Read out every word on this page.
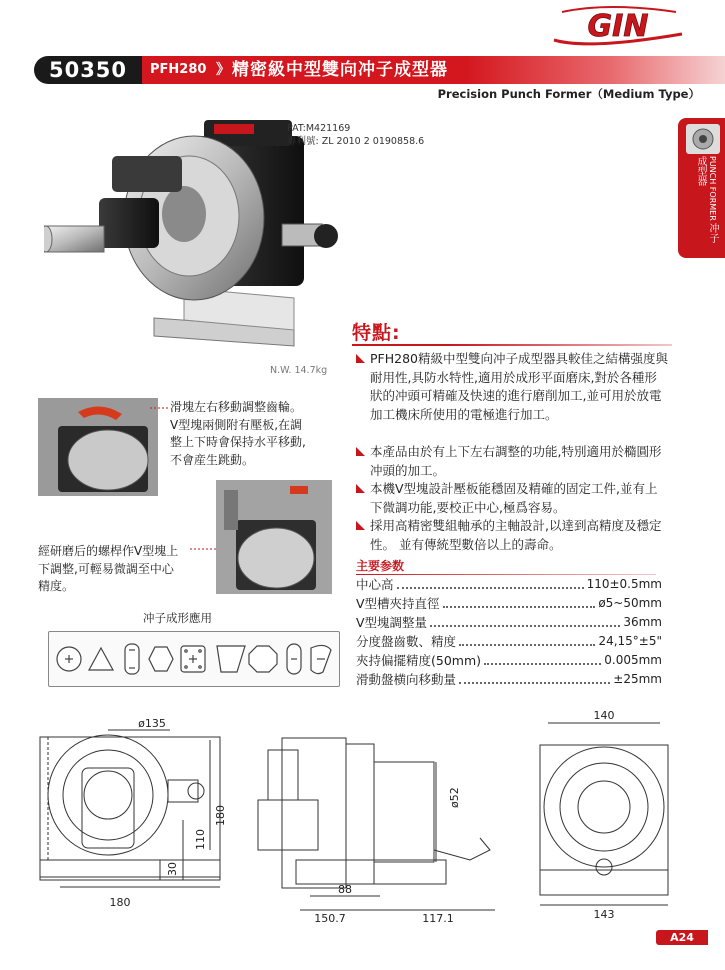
GIN
50350	PFH280 》 精密級中型雙向冲子成型器
Precision Punch Former（Medium Type）
PUNCH FORMER 冲子成型器
PAT:M421169
專利號: ZL 2010 2 0190858.6
N.W. 14.7kg
特點:
PFH280精級中型雙向冲子成型器具較佳之結構强度與耐用性,具防水特性,適用於成形平面磨床,對於各種形狀的冲頭可精確及快速的進行磨削加工,並可用於放電加工機床所使用的電極進行加工。
本產品由於有上下左右調整的功能,特別適用於橢圓形冲頭的加工。
本機V型塊設計壓板能穩固及精確的固定工件,並有上下微調功能,要校正中心,極爲容易。
採用高精密雙組軸承的主軸設計,以達到高精度及穩定性。 並有傳統型數倍以上的壽命。
主要参数
中心高	110±0.5mm
V型槽夾持直徑	ø5~50mm
V型塊調整量	36mm
分度盤齒數、精度	24,15°±5"
夾持偏擺精度(50mm)	0.005mm
滑動盤横向移動量	±25mm
滑塊左右移動調整齒輪。
V型塊兩側附有壓板,在調
整上下時會保持水平移動,
不會産生跳動。
經研磨后的螺桿作V型塊上
下調整,可輕易微調至中心
精度。
冲子成形應用
ø135
180
30
110
180
ø52
88
150.7	117.1
140
143
A24
